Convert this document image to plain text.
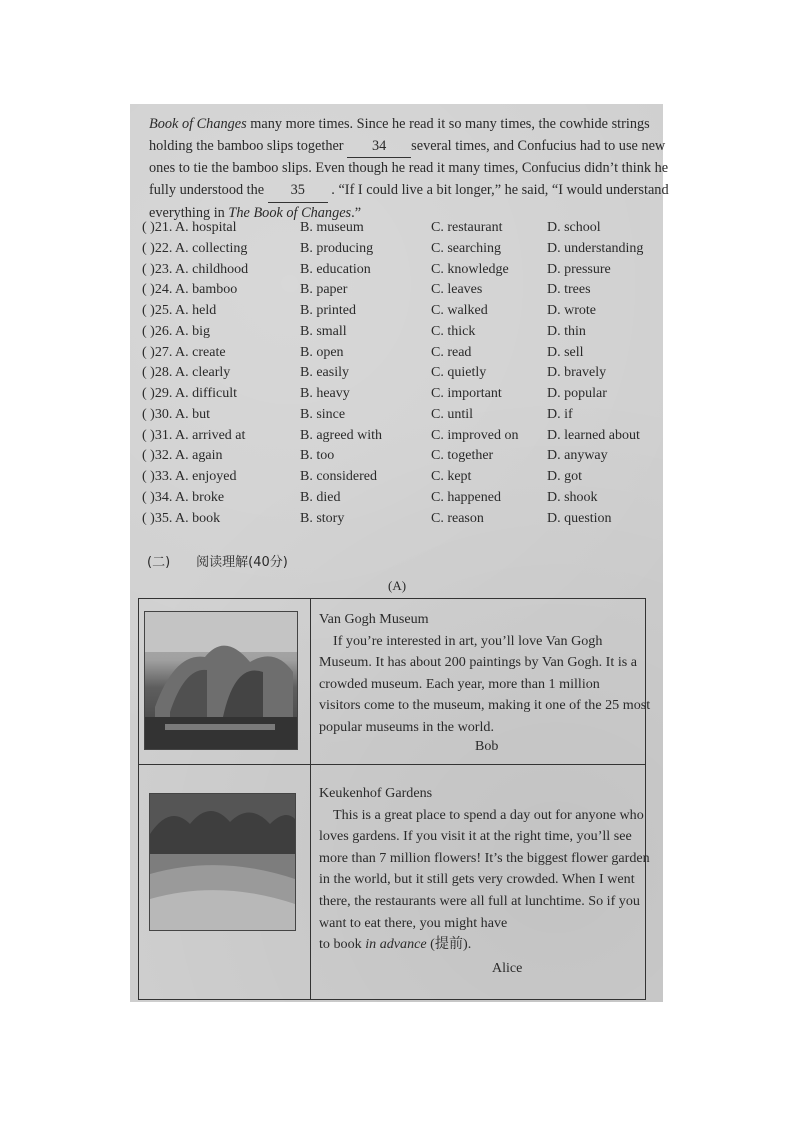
Book of Changes many more times. Since he read it so many times, the cowhide strings

holding the bamboo slips together 34 several times, and Confucius had to use new

ones to tie the bamboo slips. Even though he read it many times, Confucius didn’t think he

fully understood the 35 . “If I could live a bit longer,” he said, “I would understand

everything in The Book of Changes.”

( )21. A. hospital	B. museum	C. restaurant	D. school
( )22. A. collecting	B. producing	C. searching	D. understanding
( )23. A. childhood	B. education	C. knowledge	D. pressure
( )24. A. bamboo	B. paper	C. leaves	D. trees
( )25. A. held	B. printed	C. walked	D. wrote
( )26. A. big	B. small	C. thick	D. thin
( )27. A. create	B. open	C. read	D. sell
( )28. A. clearly	B. easily	C. quietly	D. bravely
( )29. A. difficult	B. heavy	C. important	D. popular
( )30. A. but	B. since	C. until	D. if
( )31. A. arrived at	B. agreed with	C. improved on D. learned about
( )32. A. again	B. too	C. together	D. anyway
( )33. A. enjoyed	B. considered	C. kept	D. got
( )34. A. broke	B. died	C. happened	D. shook
( )35. A. book	B. story	C. reason	D. question
(二) 阅读理解(40分)
(A)

Van Gogh Museum

If you’re interested in art, you’ll love Van Gogh

Museum. It has about 200 paintings by Van Gogh. It is a

crowded museum. Each year, more than 1 million

visitors come to the museum, making it one of the 25 most

popular museums in the world.

Bob

Keukenhof Gardens

This is a great place to spend a day out for anyone who

loves gardens. If you visit it at the right time, you’ll see

more than 7 million flowers! It’s the biggest flower garden

in the world, but it still gets very crowded. When I went

there, the restaurants were all full at lunchtime. So if you

want to eat there, you might have

to book in advance (提前).

Alice
